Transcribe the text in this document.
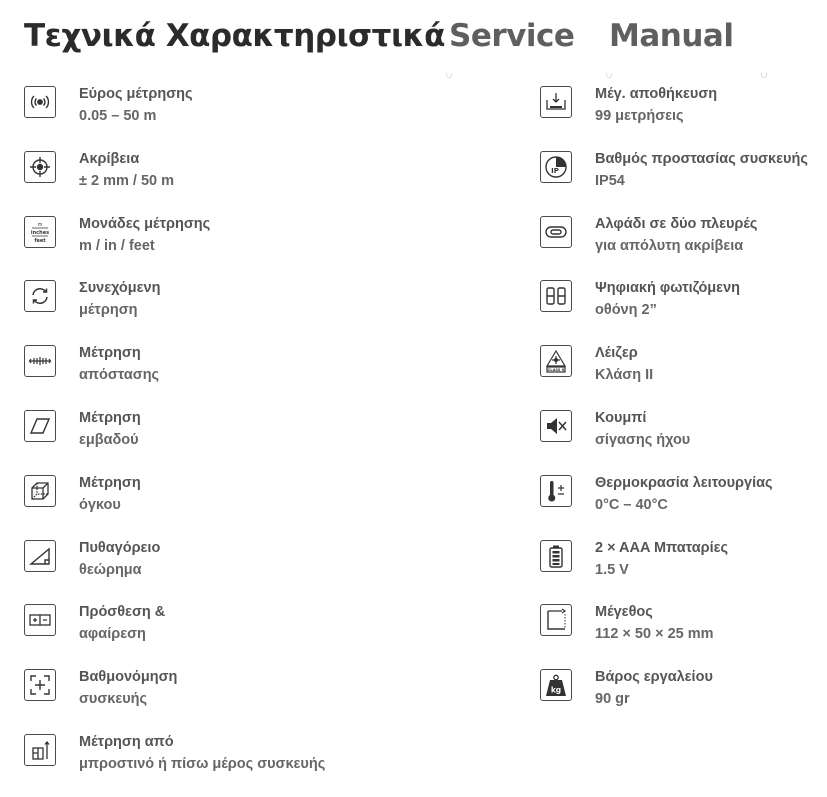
Τεχνικά Χαρακτηριστικά Service Manual
Εύρος μέτρησης
0.05 – 50 m
Ακρίβεια
± 2 mm / 50 m
m
inches
feet
Μονάδες μέτρησης
m / in / feet
Συνεχόμενη
μέτρηση
Μέτρηση
απόστασης
Μέτρηση
εμβαδού
Μέτρηση
όγκου
Πυθαγόρειο
θεώρημα
Πρόσθεση &
αφαίρεση
Βαθμονόμηση
συσκευής
Μέτρηση από
μπροστινό ή πίσω μέρος συσκευής
Μέγ. αποθήκευση
99 μετρήσεις
IP
Βαθμός προστασίας συσκευής
IP54
Αλφάδι σε δύο πλευρές
για απόλυτη ακρίβεια
Ψηφιακή φωτιζόμενη
οθόνη 2”
CLASS II
Λέιζερ
Κλάση ΙΙ
Κουμπί
σίγασης ήχου
Θερμοκρασία λειτουργίας
0°C – 40°C
2 × AAA Μπαταρίες
1.5 V
Μέγεθος
112 × 50 × 25 mm
kg
Βάρος εργαλείου
90 gr
